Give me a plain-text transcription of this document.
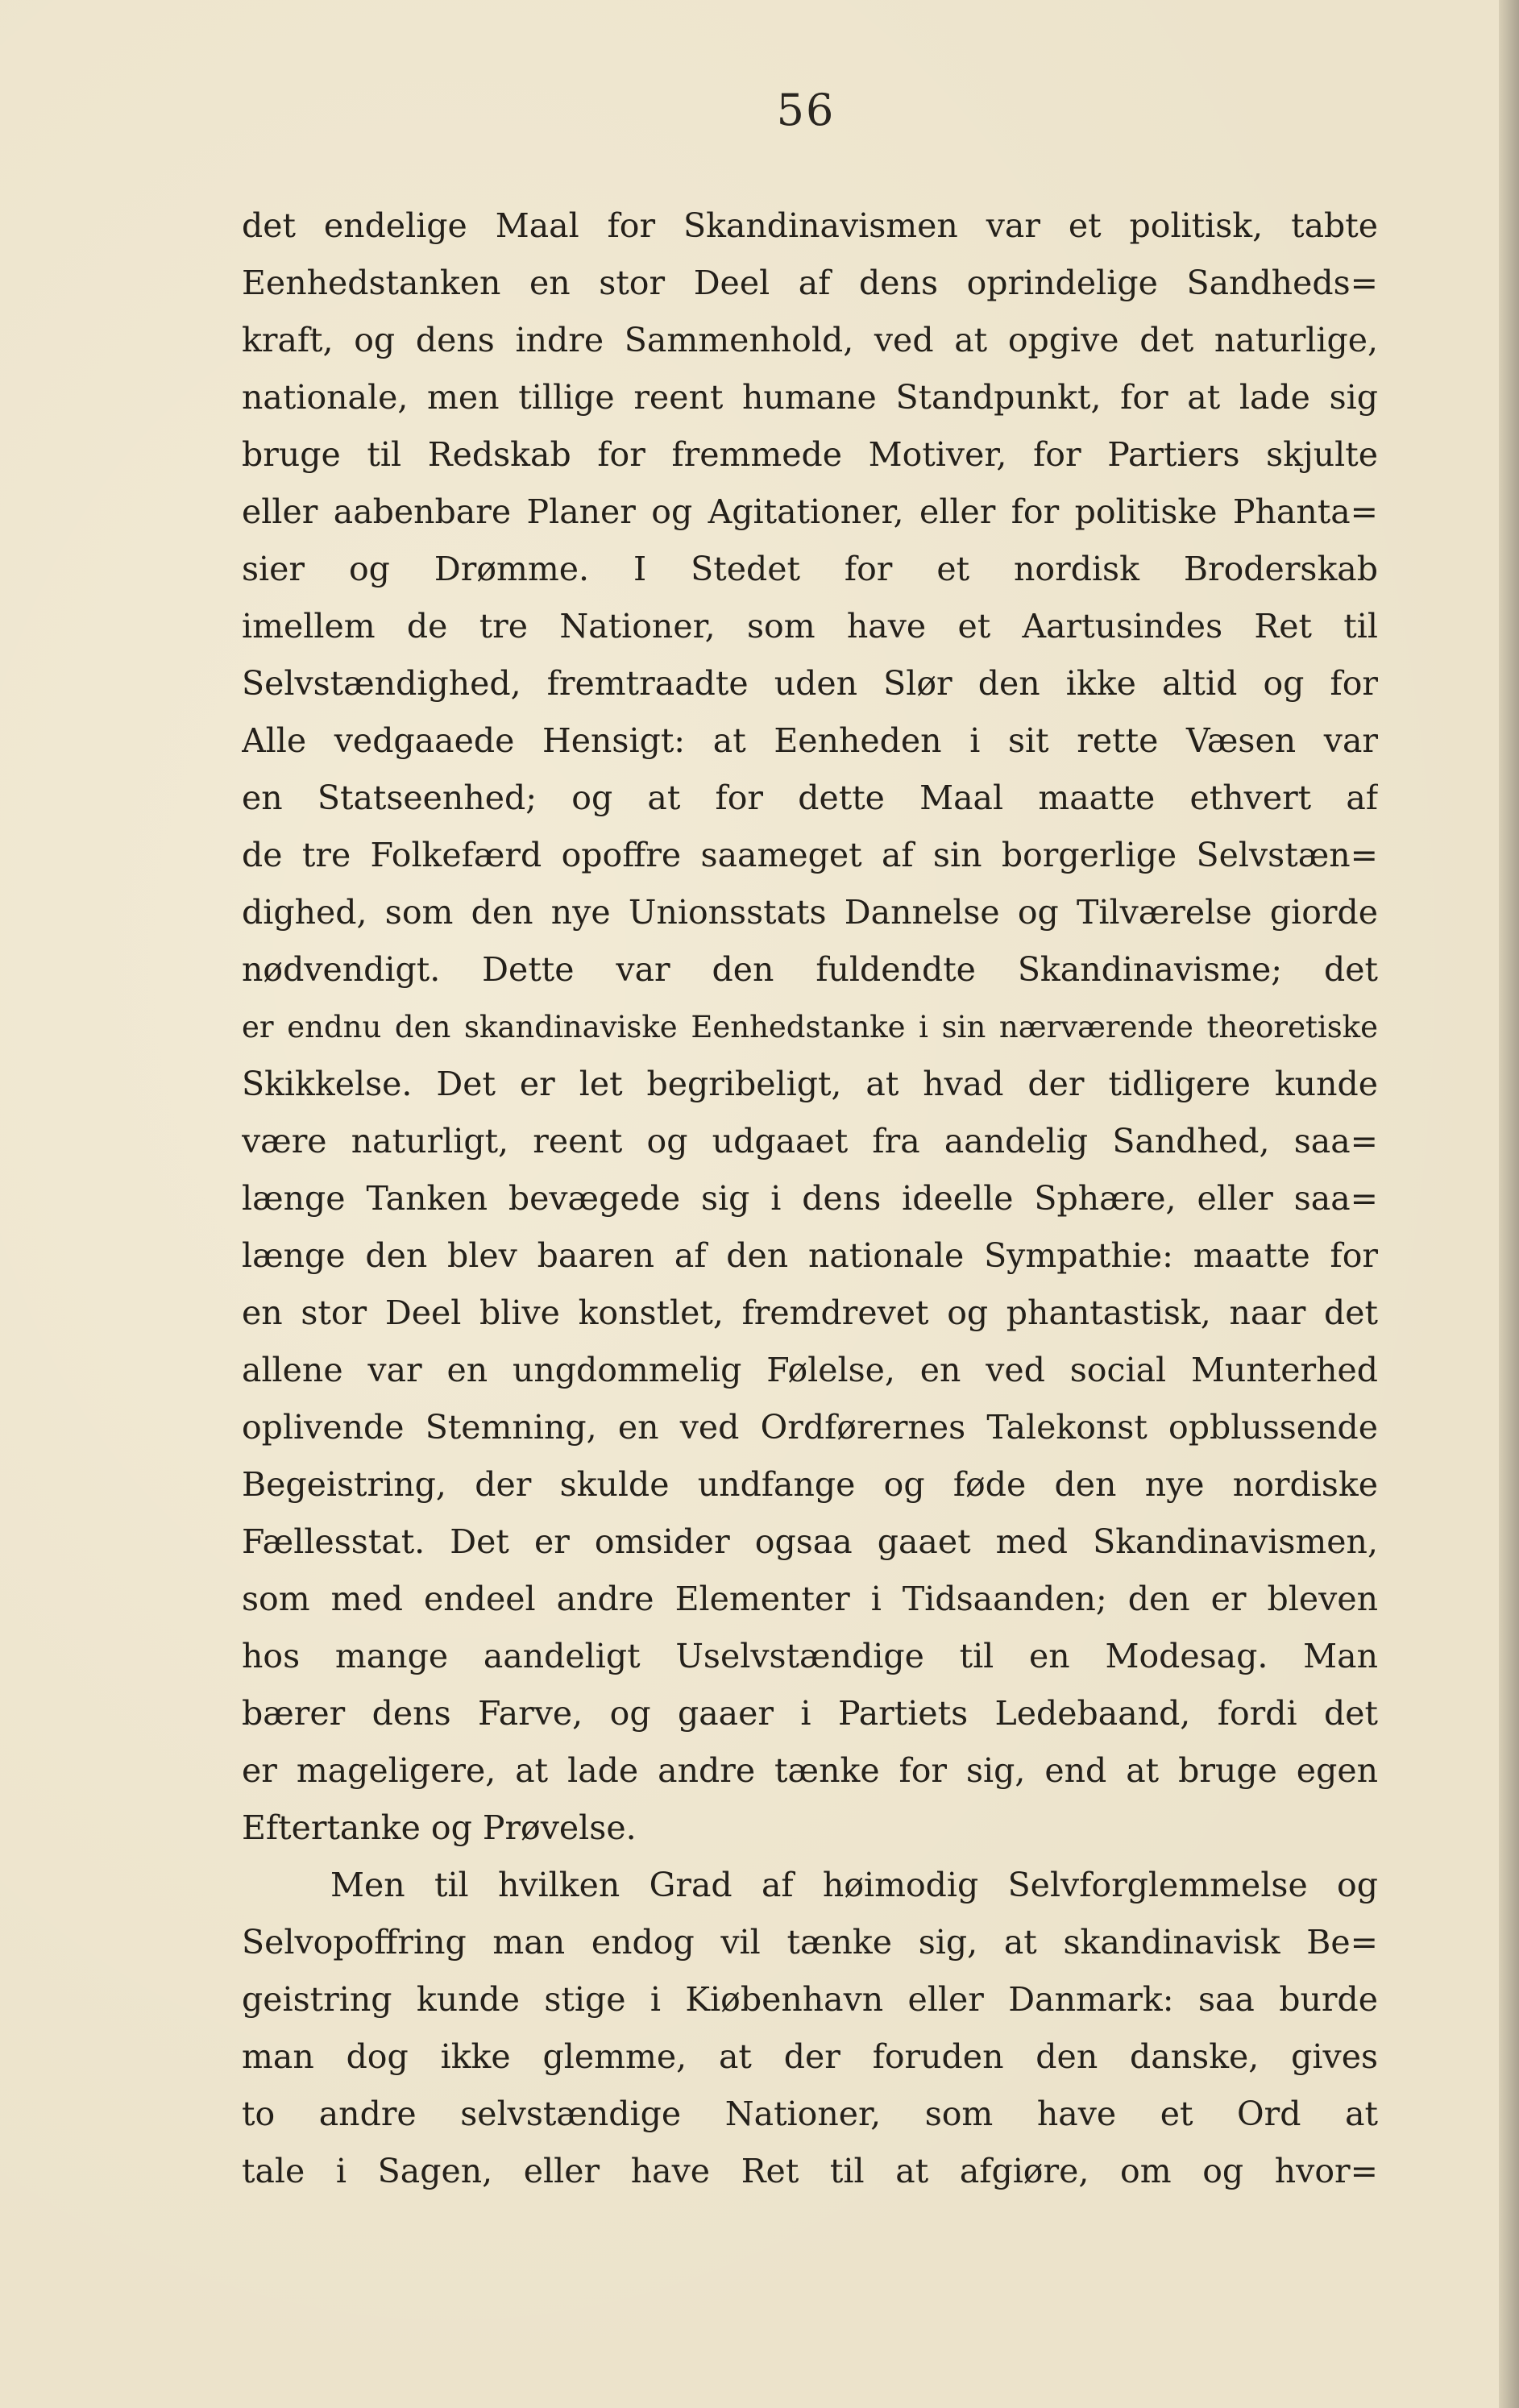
56
det endelige Maal for Skandinavismen var et politisk, tabte
Eenhedstanken en stor Deel af dens oprindelige Sandheds=
kraft, og dens indre Sammenhold, ved at opgive det naturlige,
nationale, men tillige reent humane Standpunkt, for at lade sig
bruge til Redskab for fremmede Motiver, for Partiers skjulte
eller aabenbare Planer og Agitationer, eller for politiske Phanta=
sier og Drømme. I Stedet for et nordisk Broderskab
imellem de tre Nationer, som have et Aartusindes Ret til
Selvstændighed, fremtraadte uden Slør den ikke altid og for
Alle vedgaaede Hensigt: at Eenheden i sit rette Væsen var
en Statseenhed; og at for dette Maal maatte ethvert af
de tre Folkefærd opoffre saameget af sin borgerlige Selvstæn=
dighed, som den nye Unionsstats Dannelse og Tilværelse giorde
nødvendigt. Dette var den fuldendte Skandinavisme; det
er endnu den skandinaviske Eenhedstanke i sin nærværende theoretiske
Skikkelse. Det er let begribeligt, at hvad der tidligere kunde
være naturligt, reent og udgaaet fra aandelig Sandhed, saa=
længe Tanken bevægede sig i dens ideelle Sphære, eller saa=
længe den blev baaren af den nationale Sympathie: maatte for
en stor Deel blive konstlet, fremdrevet og phantastisk, naar det
allene var en ungdommelig Følelse, en ved social Munterhed
oplivende Stemning, en ved Ordførernes Talekonst opblussende
Begeistring, der skulde undfange og føde den nye nordiske
Fællesstat. Det er omsider ogsaa gaaet med Skandinavismen,
som med endeel andre Elementer i Tidsaanden; den er bleven
hos mange aandeligt Uselvstændige til en Modesag. Man
bærer dens Farve, og gaaer i Partiets Ledebaand, fordi det
er mageligere, at lade andre tænke for sig, end at bruge egen
Eftertanke og Prøvelse.
Men til hvilken Grad af høimodig Selvforglemmelse og
Selvopoffring man endog vil tænke sig, at skandinavisk Be=
geistring kunde stige i Kiøbenhavn eller Danmark: saa burde
man dog ikke glemme, at der foruden den danske, gives
to andre selvstændige Nationer, som have et Ord at
tale i Sagen, eller have Ret til at afgiøre, om og hvor=
